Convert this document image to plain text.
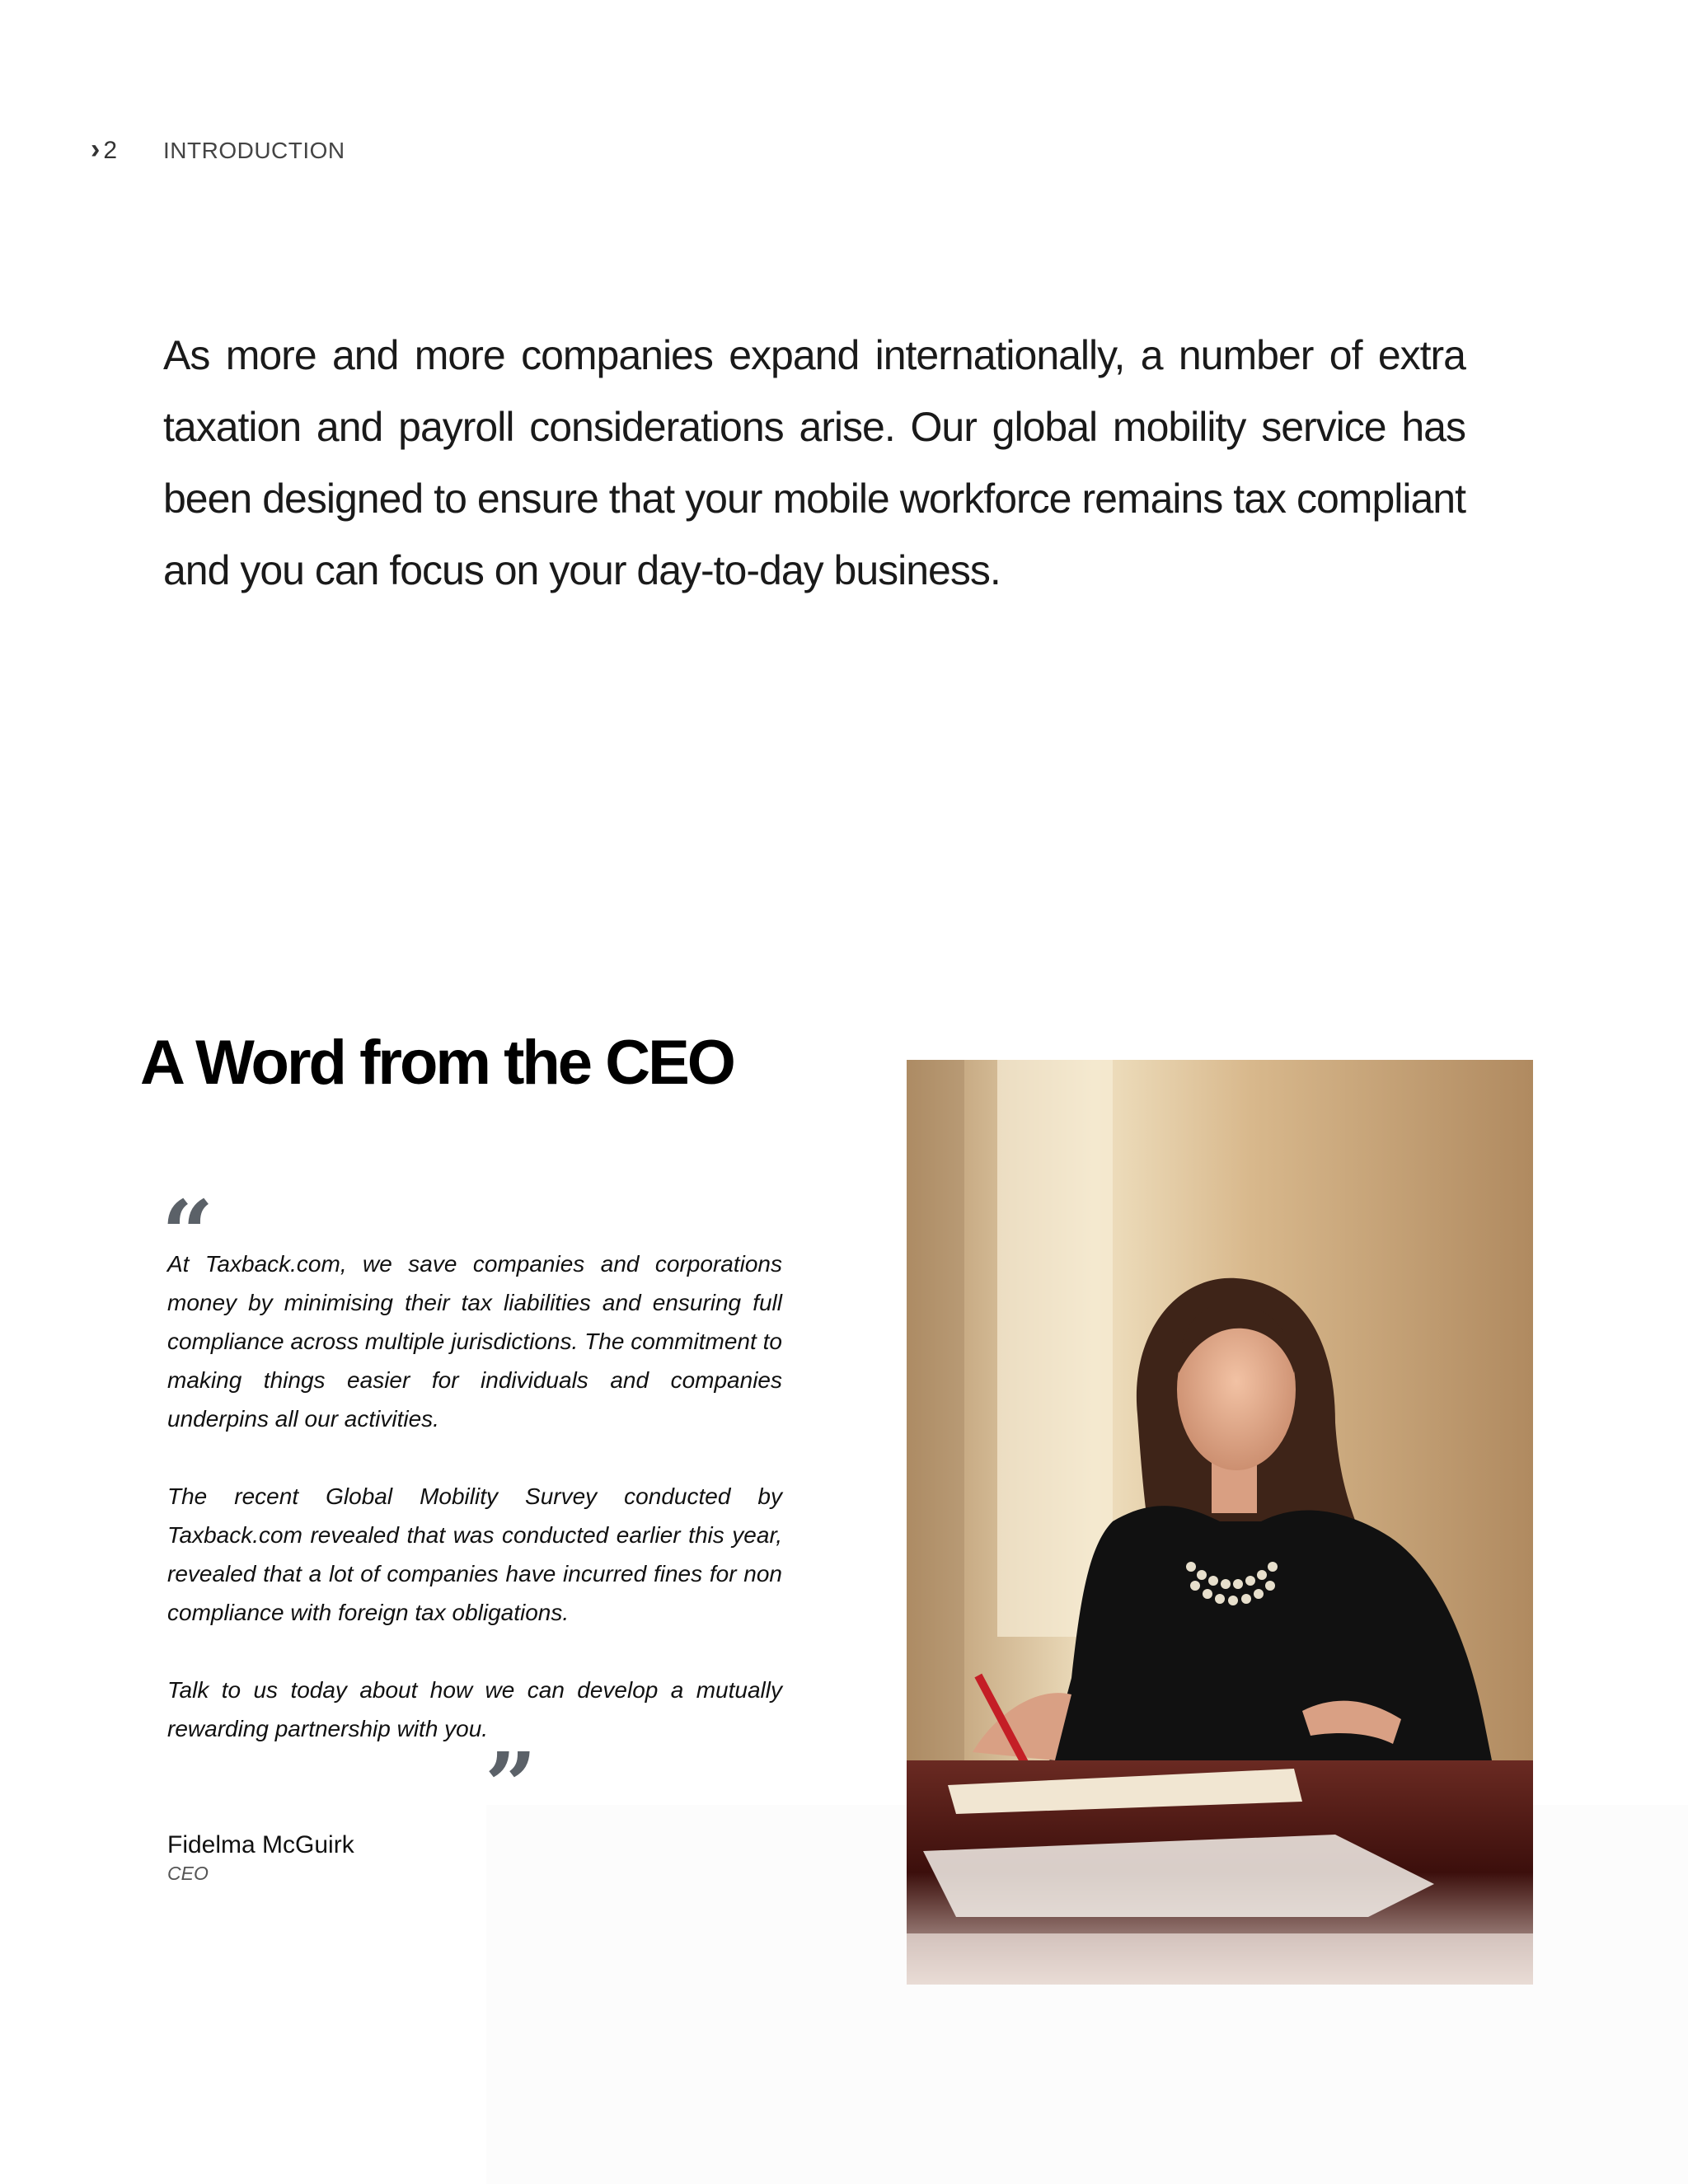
› 2 INTRODUCTION
As more and more companies expand internationally, a number of extra taxation and payroll considerations arise. Our global mobility service has been designed to ensure that your mobile workforce remains tax compliant and you can focus on your day-to-day business.
A Word from the CEO
“

At Taxback.com, we save companies and corporations money by minimising their tax liabilities and ensuring full compliance across multiple jurisdictions. The commitment to making things easier for individuals and companies underpins all our activities.

The recent Global Mobility Survey conducted by Taxback.com revealed that was conducted earlier this year, revealed that a lot of companies have incurred fines for non compliance with foreign tax obligations.

Talk to us today about how we can develop a mutually rewarding partnership with you.

”
Fidelma McGuirk
CEO
